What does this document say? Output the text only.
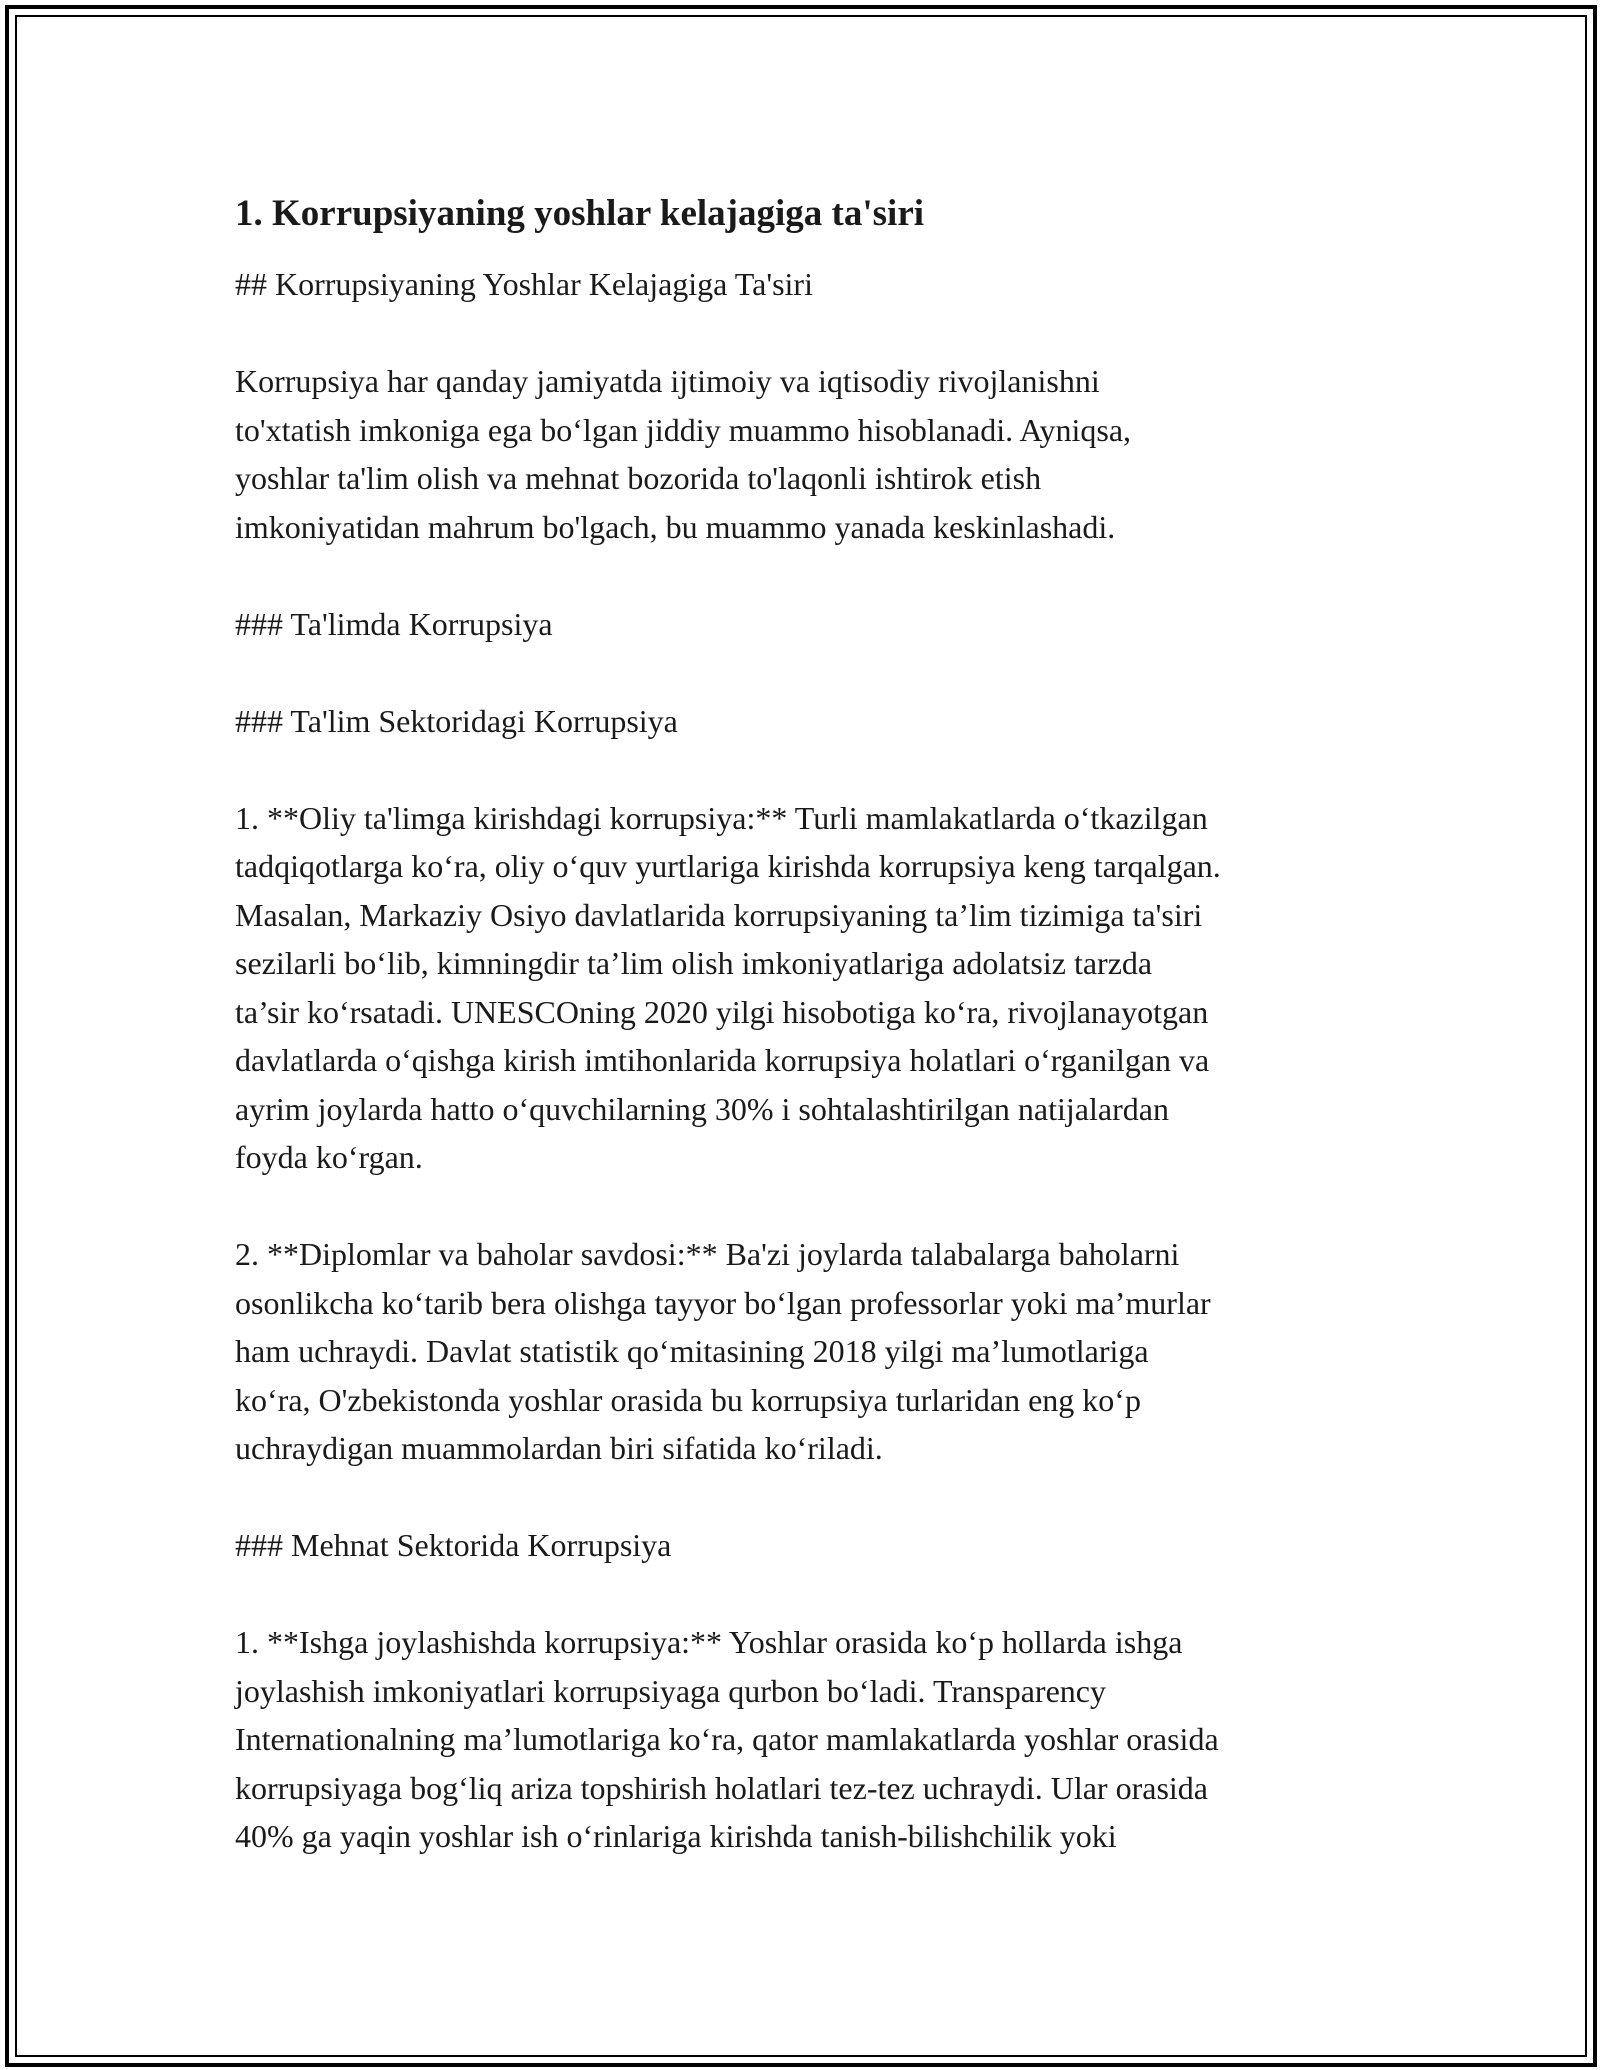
1. Korrupsiyaning yoshlar kelajagiga ta'siri
## Korrupsiyaning Yoshlar Kelajagiga Ta'siri
Korrupsiya har qanday jamiyatda ijtimoiy va iqtisodiy rivojlanishni
to'xtatish imkoniga ega bo‘lgan jiddiy muammo hisoblanadi. Ayniqsa,
yoshlar ta'lim olish va mehnat bozorida to'laqonli ishtirok etish
imkoniyatidan mahrum bo'lgach, bu muammo yanada keskinlashadi.
### Ta'limda Korrupsiya
### Ta'lim Sektoridagi Korrupsiya
1. **Oliy ta'limga kirishdagi korrupsiya:** Turli mamlakatlarda o‘tkazilgan
tadqiqotlarga ko‘ra, oliy o‘quv yurtlariga kirishda korrupsiya keng tarqalgan.
Masalan, Markaziy Osiyo davlatlarida korrupsiyaning ta’lim tizimiga ta'siri
sezilarli bo‘lib, kimningdir ta’lim olish imkoniyatlariga adolatsiz tarzda
ta’sir ko‘rsatadi. UNESCOning 2020 yilgi hisobotiga ko‘ra, rivojlanayotgan
davlatlarda o‘qishga kirish imtihonlarida korrupsiya holatlari o‘rganilgan va
ayrim joylarda hatto o‘quvchilarning 30% i sohtalashtirilgan natijalardan
foyda ko‘rgan.
2. **Diplomlar va baholar savdosi:** Ba'zi joylarda talabalarga baholarni
osonlikcha ko‘tarib bera olishga tayyor bo‘lgan professorlar yoki ma’murlar
ham uchraydi. Davlat statistik qo‘mitasining 2018 yilgi ma’lumotlariga
ko‘ra, O'zbekistonda yoshlar orasida bu korrupsiya turlaridan eng ko‘p
uchraydigan muammolardan biri sifatida ko‘riladi.
### Mehnat Sektorida Korrupsiya
1. **Ishga joylashishda korrupsiya:** Yoshlar orasida ko‘p hollarda ishga
joylashish imkoniyatlari korrupsiyaga qurbon bo‘ladi. Transparency
Internationalning ma’lumotlariga ko‘ra, qator mamlakatlarda yoshlar orasida
korrupsiyaga bog‘liq ariza topshirish holatlari tez-tez uchraydi. Ular orasida
40% ga yaqin yoshlar ish o‘rinlariga kirishda tanish-bilishchilik yoki
